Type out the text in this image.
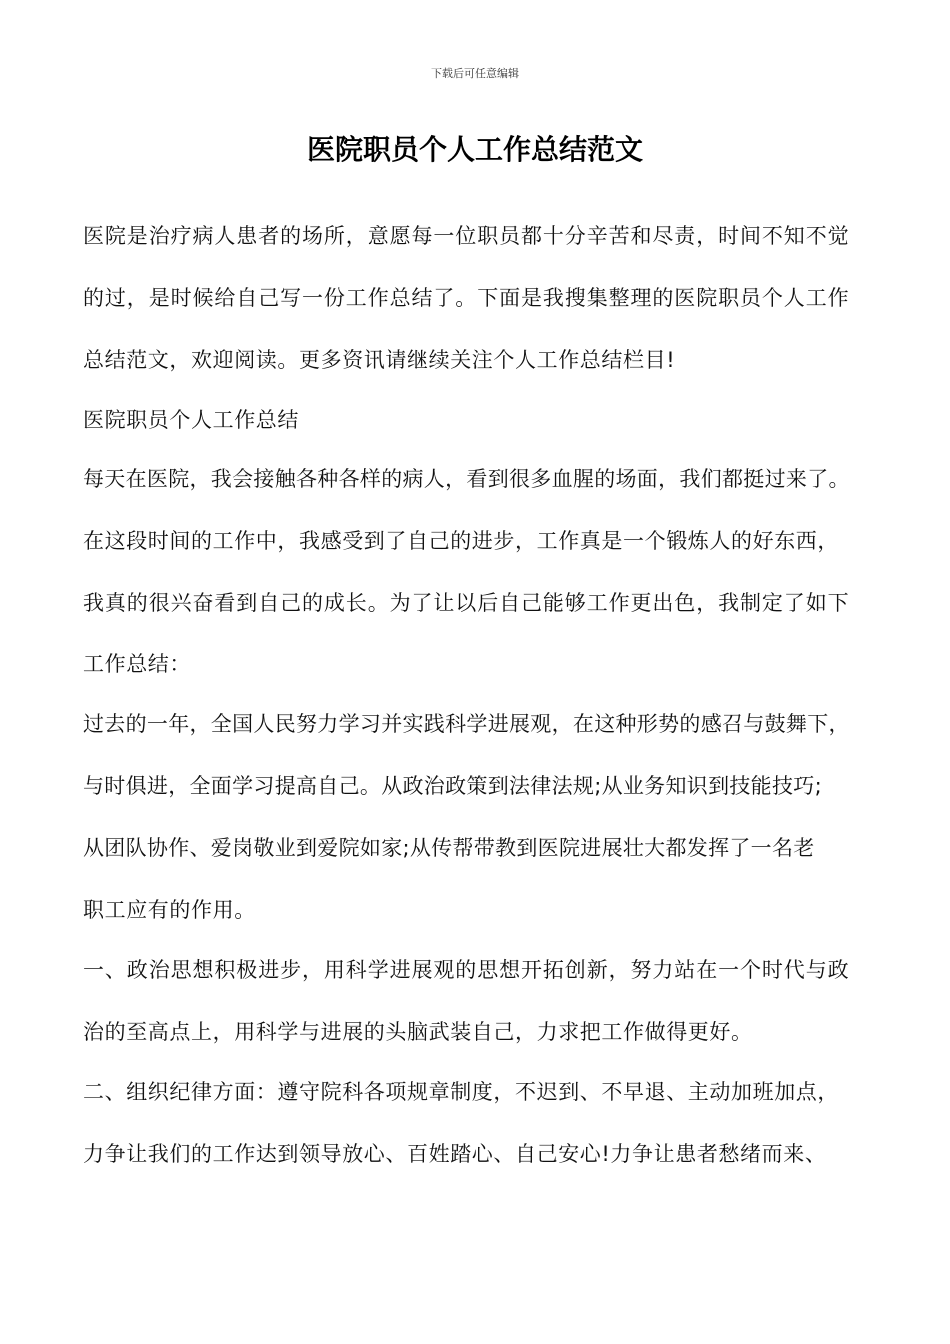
下载后可任意编辑
医院职员个人工作总结范文
医院是治疗病人患者的场所，意愿每一位职员都十分辛苦和尽责，时间不知不觉
的过，是时候给自己写一份工作总结了。下面是我搜集整理的医院职员个人工作
总结范文，欢迎阅读。更多资讯请继续关注个人工作总结栏目!
医院职员个人工作总结
每天在医院，我会接触各种各样的病人，看到很多血腥的场面，我们都挺过来了。
在这段时间的工作中，我感受到了自己的进步，工作真是一个锻炼人的好东西，
我真的很兴奋看到自己的成长。为了让以后自己能够工作更出色，我制定了如下
工作总结：
过去的一年，全国人民努力学习并实践科学进展观，在这种形势的感召与鼓舞下，
与时俱进，全面学习提高自己。从政治政策到法律法规;从业务知识到技能技巧;
从团队协作、爱岗敬业到爱院如家;从传帮带教到医院进展壮大都发挥了一名老
职工应有的作用。
一、政治思想积极进步，用科学进展观的思想开拓创新，努力站在一个时代与政
治的至高点上，用科学与进展的头脑武装自己，力求把工作做得更好。
二、组织纪律方面：遵守院科各项规章制度，不迟到、不早退、主动加班加点，
力争让我们的工作达到领导放心、百姓踏心、自己安心!力争让患者愁绪而来、
